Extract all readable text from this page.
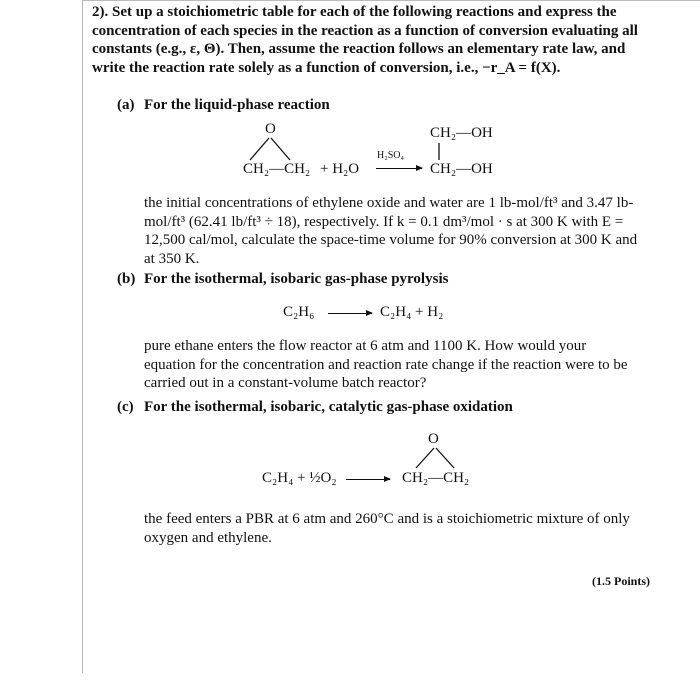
2). Set up a stoichiometric table for each of the following reactions and express the concentration of each species in the reaction as a function of conversion evaluating all constants (e.g., ε, Θ). Then, assume the reaction follows an elementary rate law, and write the reaction rate solely as a function of conversion, i.e., −r_A = f(X).
(a) For the liquid-phase reaction
O
CH₂—CH₂ + H₂O
H₂SO₄
CH₂—OH
CH₂—OH
the initial concentrations of ethylene oxide and water are 1 lb-mol/ft³ and 3.47 lb-mol/ft³ (62.41 lb/ft³ ÷ 18), respectively. If k = 0.1 dm³/mol · s at 300 K with E = 12,500 cal/mol, calculate the space-time volume for 90% conversion at 300 K and at 350 K.
(b) For the isothermal, isobaric gas-phase pyrolysis
C₂H₆	C₂H₄ + H₂
pure ethane enters the flow reactor at 6 atm and 1100 K. How would your equation for the concentration and reaction rate change if the reaction were to be carried out in a constant-volume batch reactor?
(c) For the isothermal, isobaric, catalytic gas-phase oxidation
C₂H₄ + ½O₂
O
CH₂—CH₂
the feed enters a PBR at 6 atm and 260°C and is a stoichiometric mixture of only oxygen and ethylene.
(1.5 Points)
